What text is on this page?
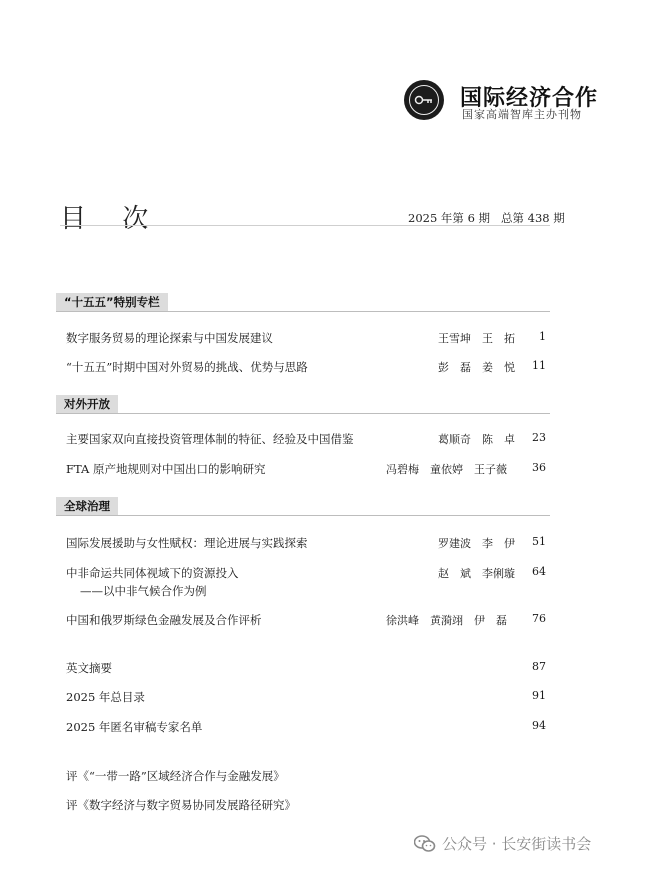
国际经济合作
国家高端智库主办刊物
目 次	2025 年第 6 期   总第 438 期
“十五五”特别专栏
数字服务贸易的理论探索与中国发展建议	王雪坤　王　拓	1
“十五五”时期中国对外贸易的挑战、优势与思路	彭　磊　姜　悦	11
对外开放
主要国家双向直接投资管理体制的特征、经验及中国借鉴	葛顺奇　陈　卓	23
FTA 原产地规则对中国出口的影响研究	冯碧梅　童依婷　王子薇	36
全球治理
国际发展援助与女性赋权：理论进展与实践探索	罗建波　李　伊	51
中非命运共同体视域下的资源投入
——以中非气候合作为例
赵　斌　李俐璇	64
中国和俄罗斯绿色金融发展及合作评析	徐洪峰　黄漪翊　伊　磊	76
英文摘要	87
2025 年总目录	91
2025 年匿名审稿专家名单	94
评《“一带一路”区域经济合作与金融发展》
评《数字经济与数字贸易协同发展路径研究》
公众号 · 长安街读书会
